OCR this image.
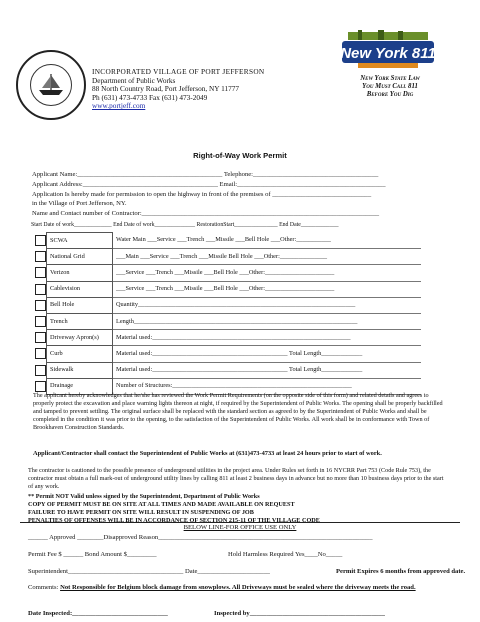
INCORPORATED VILLAGE OF PORT JEFFERSON
Department of Public Works
88 North Country Road, Port Jefferson, NY 11777
Ph (631) 473-4733 Fax (631) 473-2049
www.portjeff.com
New York 811
New York State Law
You Must Call 811
Before You Dig
Right-of-Way Work Permit
Applicant Name:____________________________________________ Telephone:______________________________________
Applicant Address:_________________________________________ Email:_____________________________________________
Application Is hereby made for permission to open the highway in front of the premises of ______________________________
in the Village of Port Jefferson, NY.
Name and Contact number of Contractor:________________________________________________________________________
Start Date of work_____________ End Date of work______________ RestorationStart_______________ End Date_____________
	SCWA	Water Main ___Service ___Trench ___Missile ___Bell Hole ___Other:___________

	National Grid	___Main ___Service ___Trench ___Missile Bell Hole ___Other:_______________

	Verizon	___Service ___Trench ___Missile ___Bell Hole ___Other:______________________

	Cablevision	___Service ___Trench ___Missile ___Bell Hole ___Other:______________________

	Bell Hole	Quantity_____________________________________________________________________

	Trench	Length_______________________________________________________________________

	Driveway Apron(s)	Material used:_______________________________________________________________

	Curb	Material used:___________________________________________ Total Length_____________

	Sidewalk	Material used:___________________________________________ Total Length_____________

	Drainage	Number of Structures:_________________________________________________________
The applicant hereby acknowledges that he/she has reviewed the Work Permit Requirements (on the opposite side of this form) and related details and agrees to properly protect the excavation and place warning lights thereon at night, if required by the Superintendent of Public Works. The opening shall be properly backfilled and tamped to prevent settling. The original surface shall be replaced with the standard section as agreed to by the Superintendent of Public Works and shall be completed in the condition it was prior to the opening, to the satisfaction of the Superintendent of Public Works. All work shall be in conformance with Town of Brookhaven Construction Standards.
Applicant/Contractor shall contact the Superintendent of Public Works at (631)473-4733 at least 24 hours prior to start of work.
The contractor is cautioned to the possible presence of underground utilities in the project area. Under Rules set forth in 16 NYCRR Part 753 (Code Rule 753), the contractor must obtain a full mark-out of underground utility lines by calling 811 at least 2 business days in advance but no more than 10 business days prior to the start of any work.
** Permit NOT Valid unless signed by the Superintendent, Department of Public Works
COPY OF PERMIT MUST BE ON SITE AT ALL TIMES AND MADE AVAILABLE ON REQUEST
FAILURE TO HAVE PERMIT ON SITE WILL RESULT IN SUSPENDING OF JOB
PENALTIES OF OFFENSES WILL BE IN ACCORDANCE OF SECTION 215-11 OF THE VILLAGE CODE
BELOW LINE-FOR OFFICE USE ONLY
______ Approved ________Disapproved Reason_________________________________________________________________
Permit Fee $ ______ Bond Amount $_________	Hold Harmless Required Yes____No_____
Superintendent___________________________________ Date______________________	Permit Expires 6 months from approved date.
Comments: Not Responsible for Belgium block damage from snowplows. All Driveways must be sealed where the driveway meets the road.
Date Inspected:_____________________________	Inspected by_________________________________________
